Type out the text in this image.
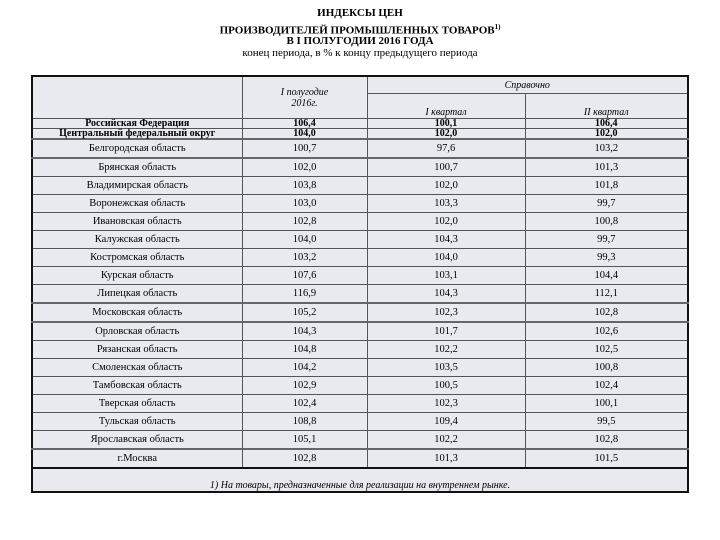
ИНДЕКСЫ ЦЕН
ПРОИЗВОДИТЕЛЕЙ ПРОМЫШЛЕННЫХ ТОВАРОВ$^{1)}$
В I ПОЛУГОДИИ 2016 ГОДА
конец периода, в % к концу предыдущего периода
	I полугодие 2016г.	Справочно	
		I квартал	II квартал
Российская Федерация	106,4	100,1	106,4
Центральный федеральный округ	104,0	102,0	102,0
Белгородская область	100,7	97,6	103,2
Брянская область	102,0	100,7	101,3
Владимирская область	103,8	102,0	101,8
Воронежская область	103,0	103,3	99,7
Ивановская область	102,8	102,0	100,8
Калужская область	104,0	104,3	99,7
Костромская область	103,2	104,0	99,3
Курская область	107,6	103,1	104,4
Липецкая область	116,9	104,3	112,1
Московская область	105,2	102,3	102,8
Орловская область	104,3	101,7	102,6
Рязанская область	104,8	102,2	102,5
Смоленская область	104,2	103,5	100,8
Тамбовская область	102,9	100,5	102,4
Тверская область	102,4	102,3	100,1
Тульская область	108,8	109,4	99,5
Ярославская область	105,1	102,2	102,8
г.Москва	102,8	101,3	101,5
1) На товары, предназначенные для реализации на внутреннем рынке.			
